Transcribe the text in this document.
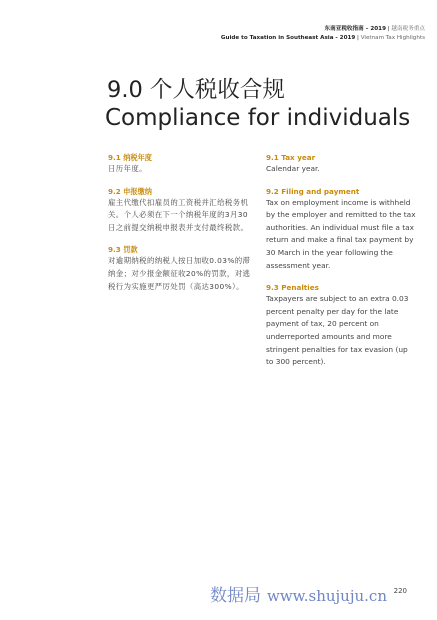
东南亚税收指南 – 2019 | 越南税务重点
Guide to Taxation in Southeast Asia - 2019 | Vietnam Tax Highlights
9.0 个人税收合规
Compliance for individuals

9.1 纳税年度

日历年度。

9.2 申报缴纳

雇主代缴代扣雇员的工资税并汇给税务机关。个人必须在下一个纳税年度的3月30日之前提交纳税申报表并支付最终税款。

9.3 罚款

对逾期纳税的纳税人按日加收0.03%的滞纳金；对少报金额征收20%的罚款，对逃税行为实施更严厉处罚（高达300%）。

9.1 Tax year

Calendar year.

9.2 Filing and payment

Tax on employment income is withheld by the employer and remitted to the tax authorities. An individual must file a tax return and make a final tax payment by 30 March in the year following the assessment year.

9.3 Penalties

Taxpayers are subject to an extra 0.03 percent penalty per day for the late payment of tax, 20 percent on underreported amounts and more stringent penalties for tax evasion (up to 300 percent).

数据局 www.shujuju.cn 220
